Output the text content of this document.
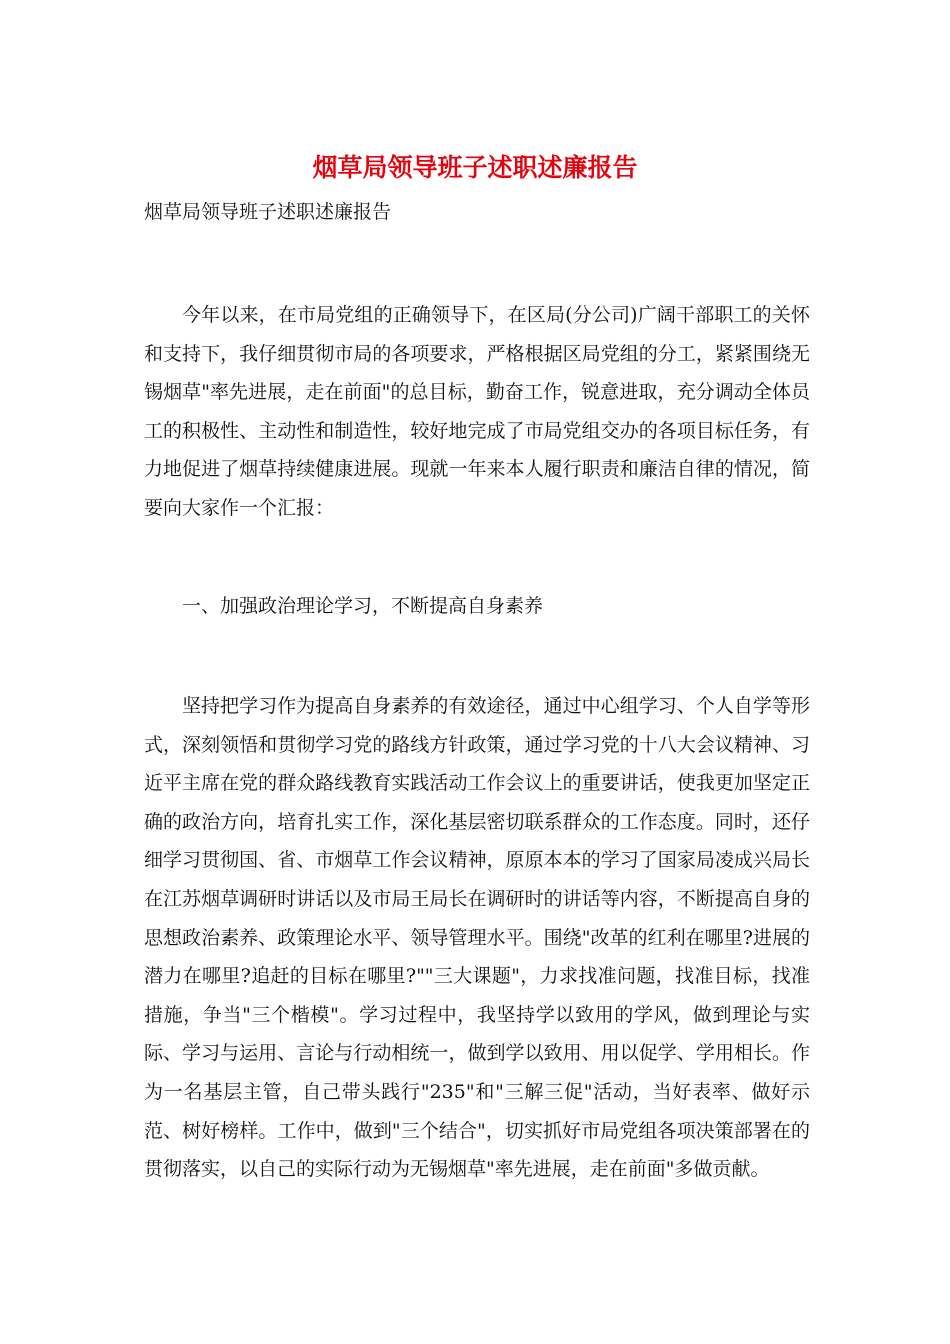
烟草局领导班子述职述廉报告

烟草局领导班子述职述廉报告

今年以来，在市局党组的正确领导下，在区局(分公司)广阔干部职工的关怀和支持下，我仔细贯彻市局的各项要求，严格根据区局党组的分工，紧紧围绕无锡烟草"率先进展，走在前面"的总目标，勤奋工作，锐意进取，充分调动全体员工的积极性、主动性和制造性，较好地完成了市局党组交办的各项目标任务，有力地促进了烟草持续健康进展。现就一年来本人履行职责和廉洁自律的情况，简要向大家作一个汇报：

一、加强政治理论学习，不断提高自身素养

坚持把学习作为提高自身素养的有效途径，通过中心组学习、个人自学等形式，深刻领悟和贯彻学习党的路线方针政策，通过学习党的十八大会议精神、习近平主席在党的群众路线教育实践活动工作会议上的重要讲话，使我更加坚定正确的政治方向，培育扎实工作，深化基层密切联系群众的工作态度。同时，还仔细学习贯彻国、省、市烟草工作会议精神，原原本本的学习了国家局凌成兴局长在江苏烟草调研时讲话以及市局王局长在调研时的讲话等内容，不断提高自身的思想政治素养、政策理论水平、领导管理水平。围绕"改革的红利在哪里?进展的潜力在哪里?追赶的目标在哪里?""三大课题"，力求找准问题，找准目标，找准措施，争当"三个楷模"。学习过程中，我坚持学以致用的学风，做到理论与实际、学习与运用、言论与行动相统一，做到学以致用、用以促学、学用相长。作为一名基层主管，自己带头践行"235"和"三解三促"活动，当好表率、做好示范、树好榜样。工作中，做到"三个结合"，切实抓好市局党组各项决策部署在的贯彻落实，以自己的实际行动为无锡烟草"率先进展，走在前面"多做贡献。
